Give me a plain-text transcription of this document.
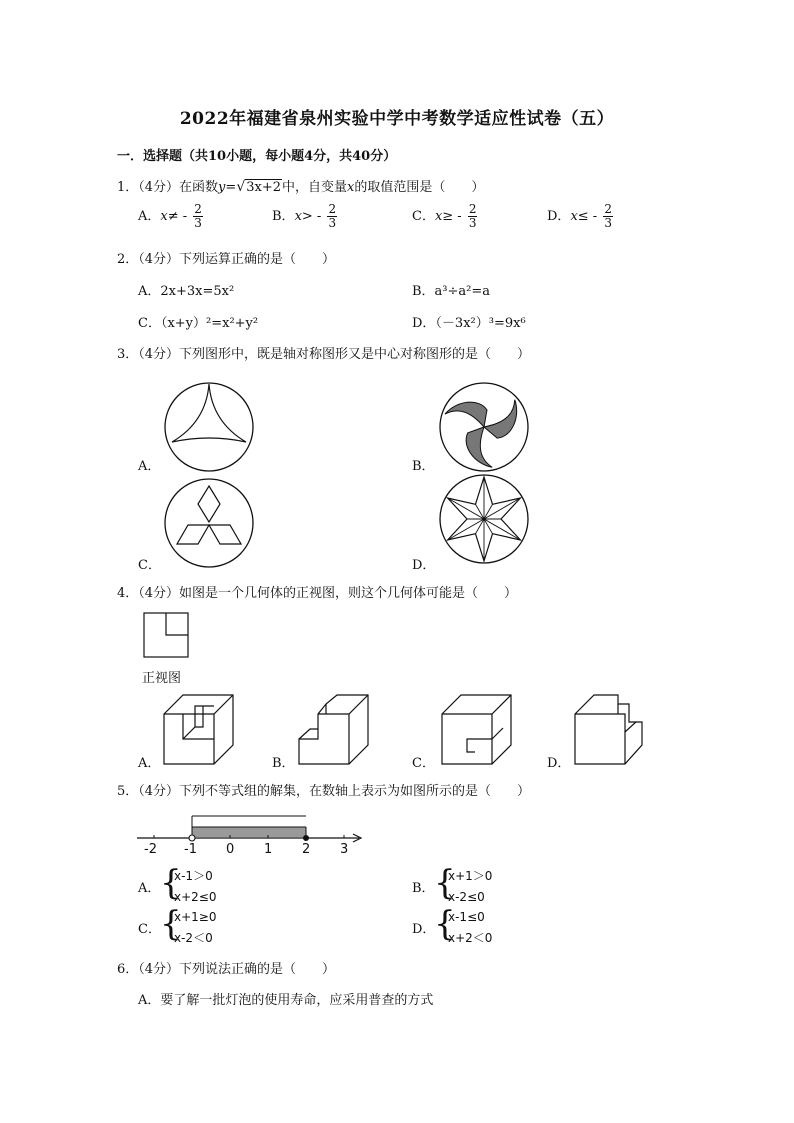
2022年福建省泉州实验中学中考数学适应性试卷（五）
一．选择题（共10小题，每小题4分，共40分）
1．（4分）在函数y=√3x+2中，自变量x的取值范围是（　　）
A．$x\ne - \frac{2}{3}$	B．$x> - \frac{2}{3}$	C．$x\ge - \frac{2}{3}$	D．$x\le - \frac{2}{3}$
2．（4分）下列运算正确的是（　　）
A．2x+3x=5x²	B．a³÷a²=a
C．（x+y）²=x²+y²	D．（－3x²）³=9x⁶
3．（4分）下列图形中，既是轴对称图形又是中心对称图形的是（　　）
A．	B．
C．	D．
4．（4分）如图是一个几何体的正视图，则这个几何体可能是（　　）
正视图
A．	B．	C．	D．
5．（4分）下列不等式组的解集，在数轴上表示为如图所示的是（　　）
-2 -1 0 1 2 3
A． {
x-1＞0
x+2≤0
B． {
x+1＞0
x-2≤0
C． {
x+1≥0
x-2＜0
D．
{
x-1≤0
x+2＜0
6．（4分）下列说法正确的是（　　）
A．要了解一批灯泡的使用寿命，应采用普查的方式
